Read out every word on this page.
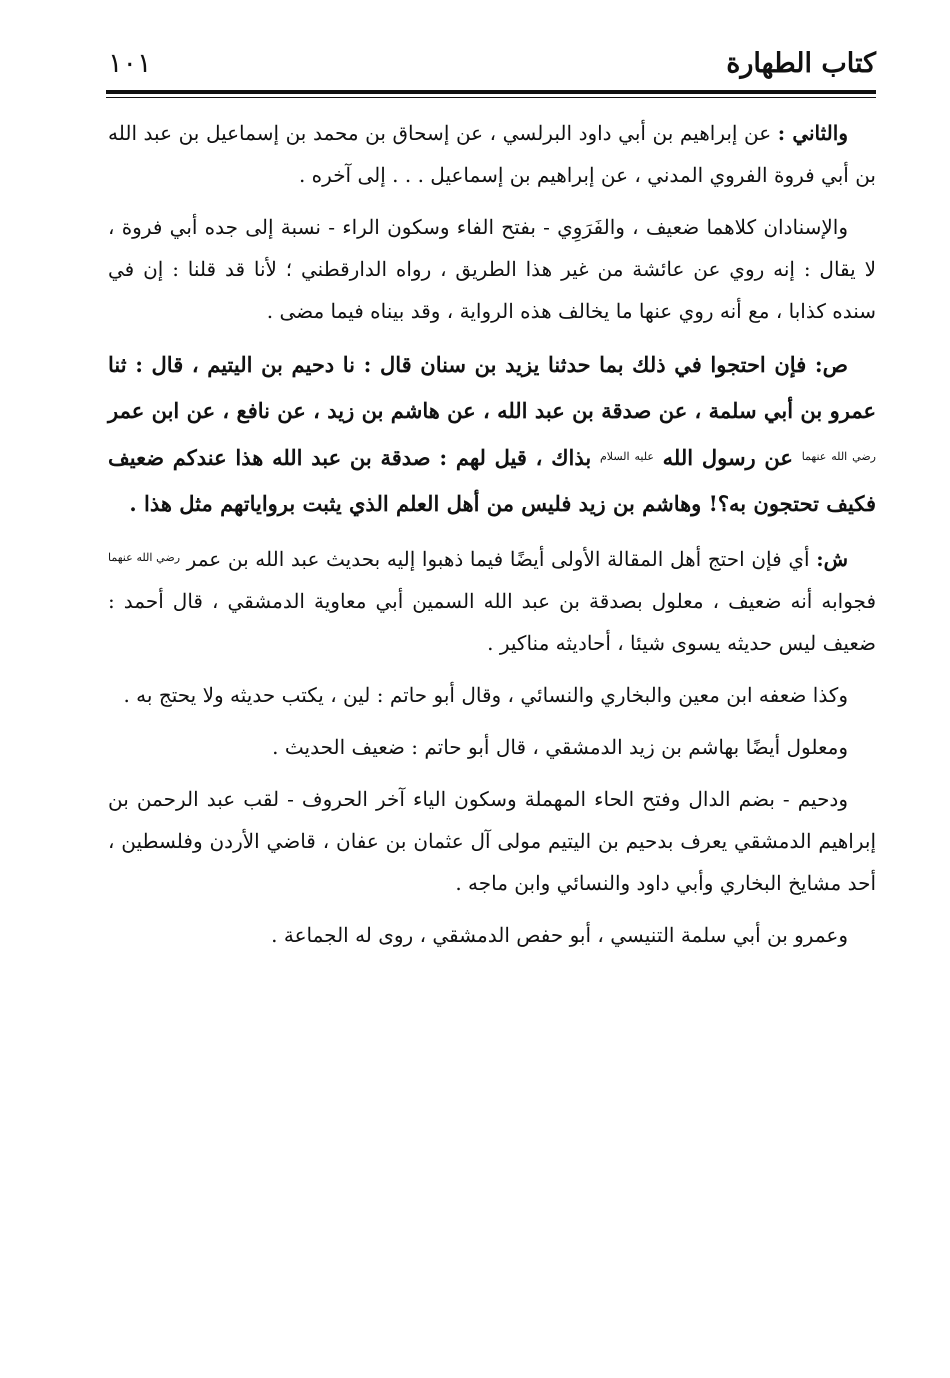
كتاب الطهارة
١٠١

والثاني : عن إبراهيم بن أبي داود البرلسي ، عن إسحاق بن محمد بن إسماعيل بن عبد الله بن أبي فروة الفروي المدني ، عن إبراهيم بن إسماعيل . . . إلى آخره .

والإسنادان كلاهما ضعيف ، والفَرَوِي - بفتح الفاء وسكون الراء - نسبة إلى جده أبي فروة ، لا يقال : إنه روي عن عائشة من غير هذا الطريق ، رواه الدارقطني ؛ لأنا قد قلنا : إن في سنده كذابا ، مع أنه روي عنها ما يخالف هذه الرواية ، وقد بيناه فيما مضى .

ص: فإن احتجوا في ذلك بما حدثنا يزيد بن سنان قال : نا دحيم بن اليتيم ، قال : ثنا عمرو بن أبي سلمة ، عن صدقة بن عبد الله ، عن هاشم بن زيد ، عن نافع ، عن ابن عمر $^{رضي الله عنهما}$ عن رسول الله $^{عليه السلام}$ بذاك ، قيل لهم : صدقة بن عبد الله هذا عندكم ضعيف فكيف تحتجون به؟! وهاشم بن زيد فليس من أهل العلم الذي يثبت برواياتهم مثل هذا .

ش: أي فإن احتج أهل المقالة الأولى أيضًا فيما ذهبوا إليه بحديث عبد الله بن عمر $^{رضي الله عنهما}$ فجوابه أنه ضعيف ، معلول بصدقة بن عبد الله السمين أبي معاوية الدمشقي ، قال أحمد : ضعيف ليس حديثه يسوى شيئا ، أحاديثه مناكير .

وكذا ضعفه ابن معين والبخاري والنسائي ، وقال أبو حاتم : لين ، يكتب حديثه ولا يحتج به .

ومعلول أيضًا بهاشم بن زيد الدمشقي ، قال أبو حاتم : ضعيف الحديث .

ودحيم - بضم الدال وفتح الحاء المهملة وسكون الياء آخر الحروف - لقب عبد الرحمن بن إبراهيم الدمشقي يعرف بدحيم بن اليتيم مولى آل عثمان بن عفان ، قاضي الأردن وفلسطين ، أحد مشايخ البخاري وأبي داود والنسائي وابن ماجه .

وعمرو بن أبي سلمة التنيسي ، أبو حفص الدمشقي ، روى له الجماعة .
